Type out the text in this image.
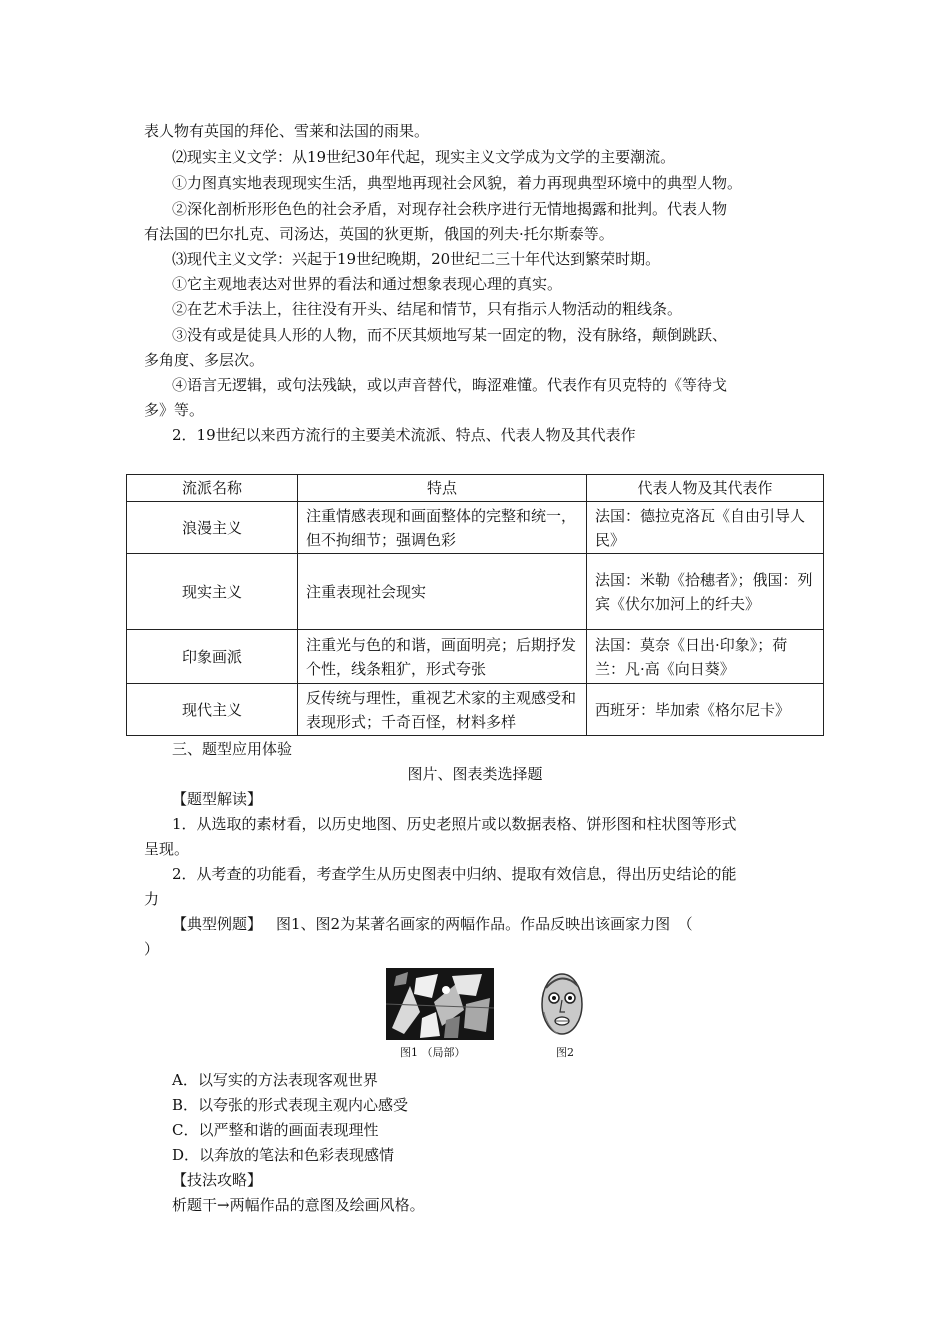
表人物有英国的拜伦、雪莱和法国的雨果。
⑵现实主义文学：从19世纪30年代起，现实主义文学成为文学的主要潮流。
①力图真实地表现现实生活，典型地再现社会风貌，着力再现典型环境中的典型人物。
②深化剖析形形色色的社会矛盾，对现存社会秩序进行无情地揭露和批判。代表人物
有法国的巴尔扎克、司汤达，英国的狄更斯，俄国的列夫·托尔斯泰等。
⑶现代主义文学：兴起于19世纪晚期，20世纪二三十年代达到繁荣时期。
①它主观地表达对世界的看法和通过想象表现心理的真实。
②在艺术手法上，往往没有开头、结尾和情节，只有指示人物活动的粗线条。
③没有或是徒具人形的人物，而不厌其烦地写某一固定的物，没有脉络，颠倒跳跃、
多角度、多层次。
④语言无逻辑，或句法残缺，或以声音替代，晦涩难懂。代表作有贝克特的《等待戈
多》等。
2．19世纪以来西方流行的主要美术流派、特点、代表人物及其代表作
流派名称	特点	代表人物及其代表作
浪漫主义	注重情感表现和画面整体的完整和统一，但不拘细节；强调色彩	法国：德拉克洛瓦《自由引导人民》
现实主义	注重表现社会现实	法国：米勒《拾穗者》；俄国：列宾《伏尔加河上的纤夫》
印象画派	注重光与色的和谐，画面明亮；后期抒发个性，线条粗犷，形式夸张	法国：莫奈《日出·印象》；荷兰：凡·高《向日葵》
现代主义	反传统与理性，重视艺术家的主观感受和表现形式；千奇百怪，材料多样	西班牙：毕加索《格尔尼卡》
三、题型应用体验
图片、图表类选择题
【题型解读】
1．从选取的素材看，以历史地图、历史老照片或以数据表格、饼形图和柱状图等形式
呈现。
2．从考查的功能看，考查学生从历史图表中归纳、提取有效信息，得出历史结论的能
力
【典型例题】 图1、图2为某著名画家的两幅作品。作品反映出该画家力图　（
）
图1 （局部）	图2
A．以写实的方法表现客观世界
B．以夸张的形式表现主观内心感受
C．以严整和谐的画面表现理性
D．以奔放的笔法和色彩表现感情
【技法攻略】
析题干→两幅作品的意图及绘画风格。
